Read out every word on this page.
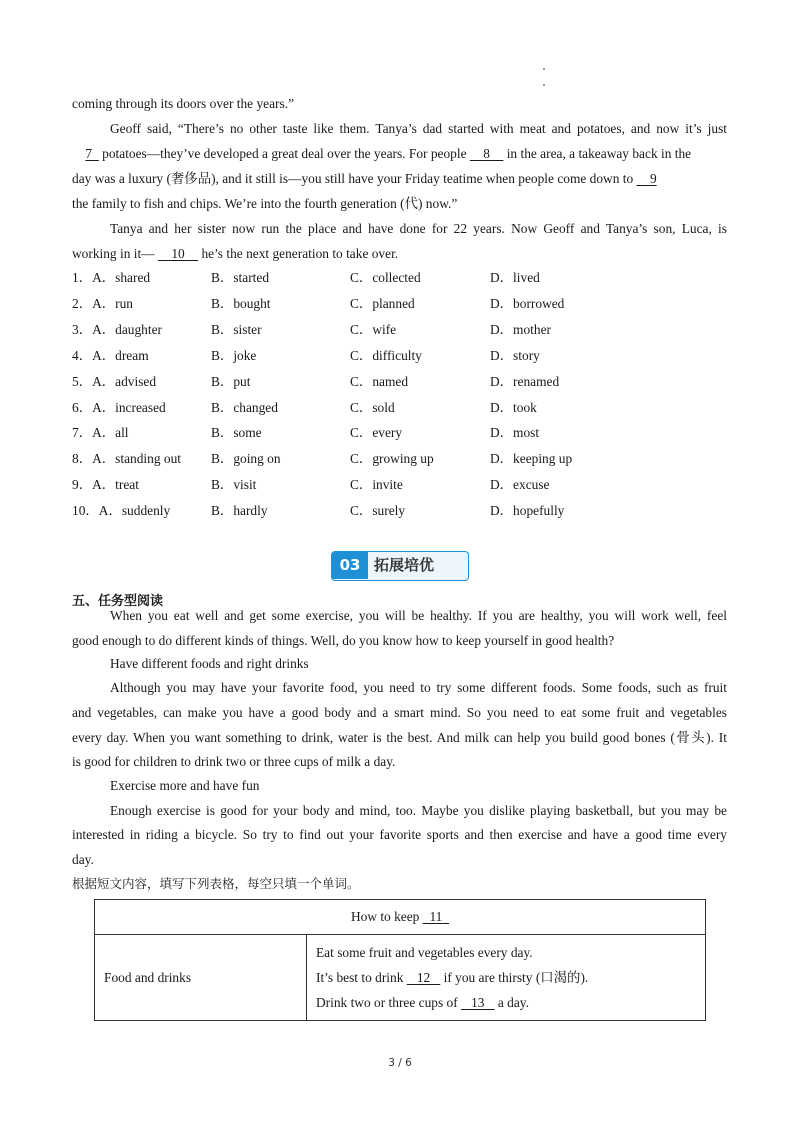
coming through its doors over the years.”
Geoff said, “There’s no other taste like them. Tanya’s dad started with meat and potatoes, and now it’s just
7   potatoes—they’ve developed a great deal over the years. For people     8     in the area, a takeaway back in the
day was a luxury (奢侈品), and it still is—you still have your Friday teatime when people come down to     9
the family to fish and chips. We’re into the fourth generation (代) now.”
Tanya and her sister now run the place and have done for 22 years. Now Geoff and Tanya’s son, Luca, is
working in it—     10     he’s the next generation to take over.
1．A．shared	B．started	C．collected	D．lived
2．A．run	B．bought	C．planned	D．borrowed
3．A．daughter	B．sister	C．wife	D．mother
4．A．dream	B．joke	C．difficulty	D．story
5．A．advised	B．put	C．named	D．renamed
6．A．increased	B．changed	C．sold	D．took
7．A．all	B．some	C．every	D．most
8．A．standing out B．going on	C．growing up	D．keeping up
9．A．treat	B．visit	C．invite	D．excuse
10．A．suddenly	B．hardly	C．surely	D．hopefully
五、任务型阅读
When you eat well and get some exercise, you will be healthy. If you are healthy, you will work well, feel
good enough to do different kinds of things. Well, do you know how to keep yourself in good health?
Have different foods and right drinks
Although you may have your favorite food, you need to try some different foods. Some foods, such as fruit
and vegetables, can make you have a good body and a smart mind. So you need to eat some fruit and vegetables
every day. When you want something to drink, water is the best. And milk can help you build good bones (骨头). It
is good for children to drink two or three cups of milk a day.
Exercise more and have fun
Enough exercise is good for your body and mind, too. Maybe you dislike playing basketball, but you may be
interested in riding a bicycle. So try to find out your favorite sports and then exercise and have a good time every
day.
根据短文内容，填写下列表格，每空只填一个单词。
How to keep   11
Food and drinks	
Eat some fruit and vegetables every day.
It’s best to drink    12    if you are thirsty (口渴的).
Drink two or three cups of    13    a day.
03 拓展培优
3 / 6
